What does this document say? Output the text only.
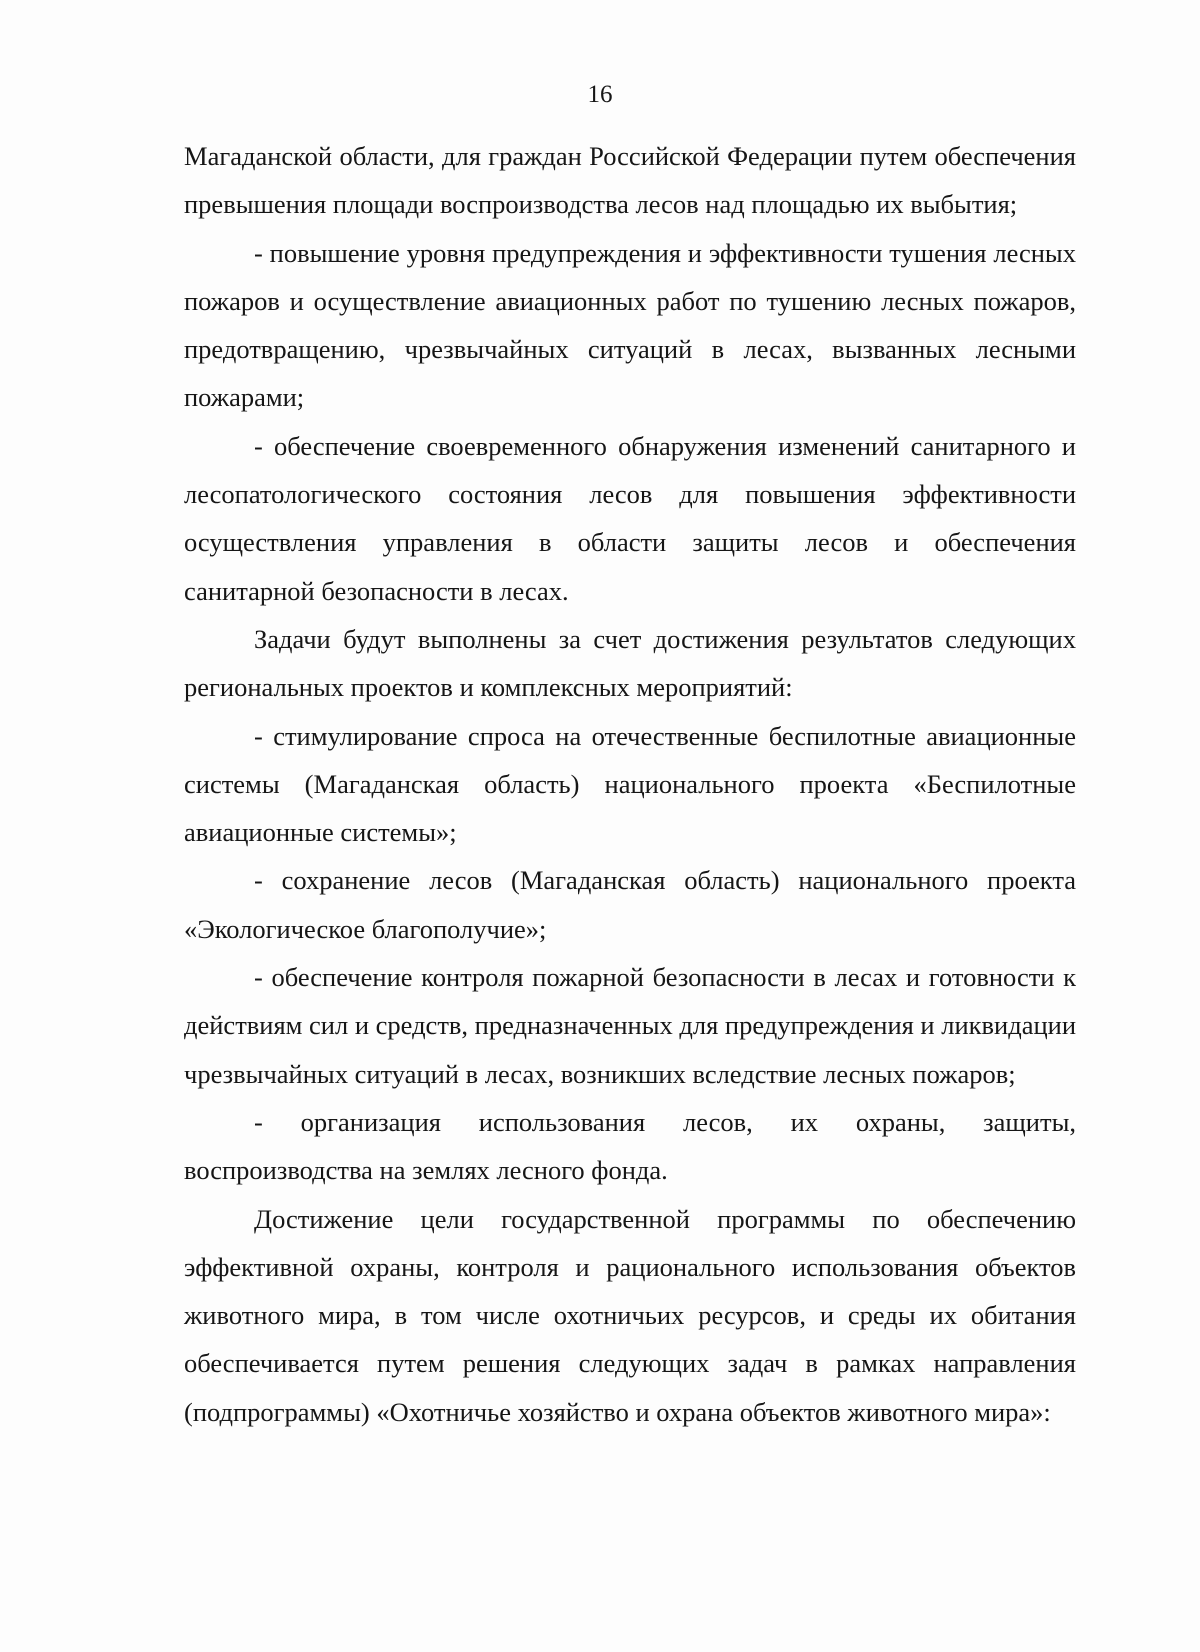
16

Магаданской области, для граждан Российской Федерации путем обеспечения превышения площади воспроизводства лесов над площадью их выбытия;

- повышение уровня предупреждения и эффективности тушения лесных пожаров и осуществление авиационных работ по тушению лесных пожаров, предотвращению, чрезвычайных ситуаций в лесах, вызванных лесными пожарами;

- обеспечение своевременного обнаружения изменений санитарного и лесопатологического состояния лесов для повышения эффективности осуществления управления в области защиты лесов и обеспечения санитарной безопасности в лесах.

Задачи будут выполнены за счет достижения результатов следующих региональных проектов и комплексных мероприятий:

- стимулирование спроса на отечественные беспилотные авиационные системы (Магаданская область) национального проекта «Беспилотные авиационные системы»;

- сохранение лесов (Магаданская область) национального проекта «Экологическое благополучие»;

- обеспечение контроля пожарной безопасности в лесах и готовности к действиям сил и средств, предназначенных для предупреждения и ликвидации чрезвычайных ситуаций в лесах, возникших вследствие лесных пожаров;

- организация использования лесов, их охраны, защиты, воспроизводства на землях лесного фонда.

Достижение цели государственной программы по обеспечению эффективной охраны, контроля и рационального использования объектов животного мира, в том числе охотничьих ресурсов, и среды их обитания обеспечивается путем решения следующих задач в рамках направления (подпрограммы) «Охотничье хозяйство и охрана объектов животного мира»:
